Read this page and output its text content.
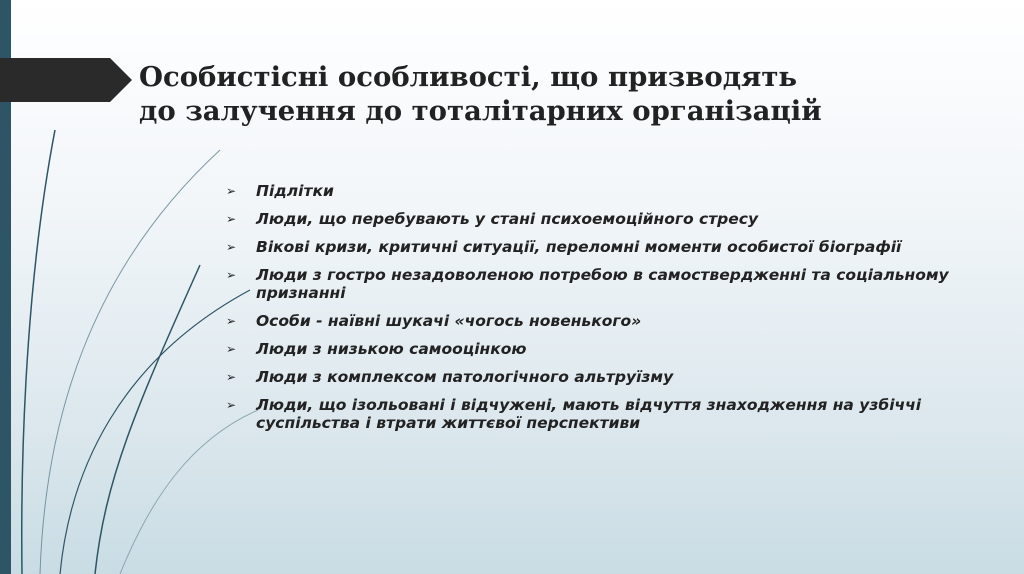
Особистісні особливості, що призводять
до залучення до тоталітарних організацій
➢ Підлітки
➢ Люди, що перебувають у стані психоемоційного стресу
➢ Вікові кризи, критичні ситуації, переломні моменти особистої біографії
➢ Люди з гостро незадоволеною потребою в самоствердженні та соціальному признанні
➢ Особи - наївні шукачі «чогось новенького»
➢ Люди з низькою самооцінкою
➢ Люди з комплексом патологічного альтруїзму
➢ Люди, що ізольовані і відчужені, мають відчуття знаходження на узбіччі суспільства і втрати життєвої перспективи
